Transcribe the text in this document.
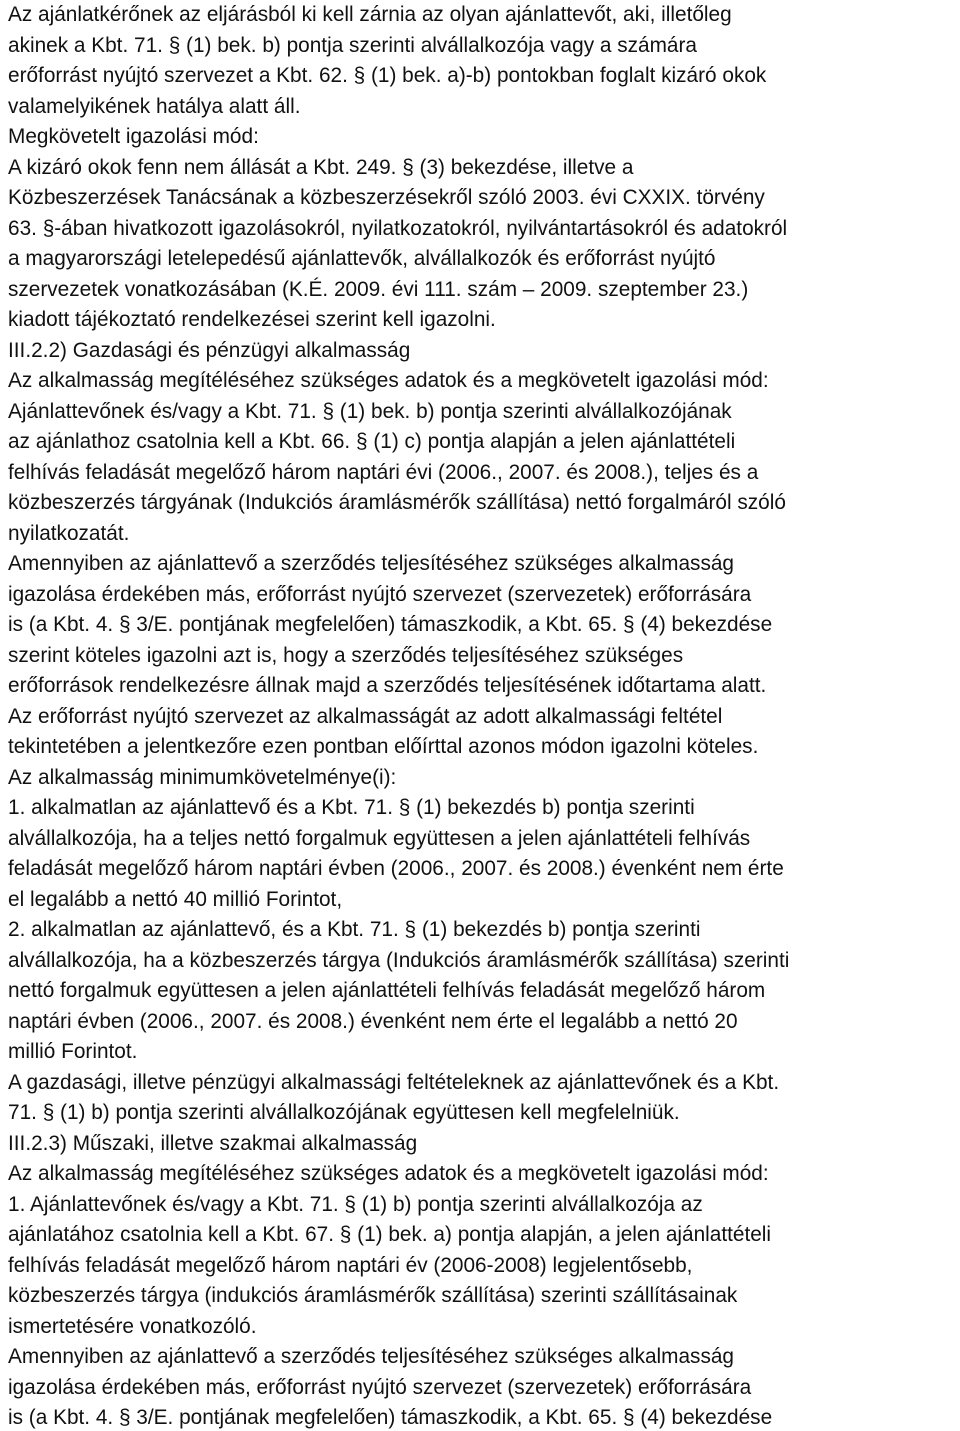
Az ajánlatkérőnek az eljárásból ki kell zárnia az olyan ajánlattevőt, aki, illetőleg
akinek a Kbt. 71. § (1) bek. b) pontja szerinti alvállalkozója vagy a számára
erőforrást nyújtó szervezet a Kbt. 62. § (1) bek. a)-b) pontokban foglalt kizáró okok
valamelyikének hatálya alatt áll.
Megkövetelt igazolási mód:
A kizáró okok fenn nem állását a Kbt. 249. § (3) bekezdése, illetve a
Közbeszerzések Tanácsának a közbeszerzésekről szóló 2003. évi CXXIX. törvény
63. §-ában hivatkozott igazolásokról, nyilatkozatokról, nyilvántartásokról és adatokról
a magyarországi letelepedésű ajánlattevők, alvállalkozók és erőforrást nyújtó
szervezetek vonatkozásában (K.É. 2009. évi 111. szám – 2009. szeptember 23.)
kiadott tájékoztató rendelkezései szerint kell igazolni.
III.2.2) Gazdasági és pénzügyi alkalmasság
Az alkalmasság megítéléséhez szükséges adatok és a megkövetelt igazolási mód:
Ajánlattevőnek és/vagy a Kbt. 71. § (1) bek. b) pontja szerinti alvállalkozójának
az ajánlathoz csatolnia kell a Kbt. 66. § (1) c) pontja alapján a jelen ajánlattételi
felhívás feladását megelőző három naptári évi (2006., 2007. és 2008.), teljes és a
közbeszerzés tárgyának (Indukciós áramlásmérők szállítása) nettó forgalmáról szóló
nyilatkozatát.
Amennyiben az ajánlattevő a szerződés teljesítéséhez szükséges alkalmasság
igazolása érdekében más, erőforrást nyújtó szervezet (szervezetek) erőforrására
is (a Kbt. 4. § 3/E. pontjának megfelelően) támaszkodik, a Kbt. 65. § (4) bekezdése
szerint köteles igazolni azt is, hogy a szerződés teljesítéséhez szükséges
erőforrások rendelkezésre állnak majd a szerződés teljesítésének időtartama alatt.
Az erőforrást nyújtó szervezet az alkalmasságát az adott alkalmassági feltétel
tekintetében a jelentkezőre ezen pontban előírttal azonos módon igazolni köteles.
Az alkalmasság minimumkövetelménye(i):
1. alkalmatlan az ajánlattevő és a Kbt. 71. § (1) bekezdés b) pontja szerinti
alvállalkozója, ha a teljes nettó forgalmuk együttesen a jelen ajánlattételi felhívás
feladását megelőző három naptári évben (2006., 2007. és 2008.) évenként nem érte
el legalább a nettó 40 millió Forintot,
2. alkalmatlan az ajánlattevő, és a Kbt. 71. § (1) bekezdés b) pontja szerinti
alvállalkozója, ha a közbeszerzés tárgya (Indukciós áramlásmérők szállítása) szerinti
nettó forgalmuk együttesen a jelen ajánlattételi felhívás feladását megelőző három
naptári évben (2006., 2007. és 2008.) évenként nem érte el legalább a nettó 20
millió Forintot.
A gazdasági, illetve pénzügyi alkalmassági feltételeknek az ajánlattevőnek és a Kbt.
71. § (1) b) pontja szerinti alvállalkozójának együttesen kell megfelelniük.
III.2.3) Műszaki, illetve szakmai alkalmasság
Az alkalmasság megítéléséhez szükséges adatok és a megkövetelt igazolási mód:
1. Ajánlattevőnek és/vagy a Kbt. 71. § (1) b) pontja szerinti alvállalkozója az
ajánlatához csatolnia kell a Kbt. 67. § (1) bek. a) pontja alapján, a jelen ajánlattételi
felhívás feladását megelőző három naptári év (2006-2008) legjelentősebb,
közbeszerzés tárgya (indukciós áramlásmérők szállítása) szerinti szállításainak
ismertetésére vonatkozóló.
Amennyiben az ajánlattevő a szerződés teljesítéséhez szükséges alkalmasság
igazolása érdekében más, erőforrást nyújtó szervezet (szervezetek) erőforrására
is (a Kbt. 4. § 3/E. pontjának megfelelően) támaszkodik, a Kbt. 65. § (4) bekezdése
